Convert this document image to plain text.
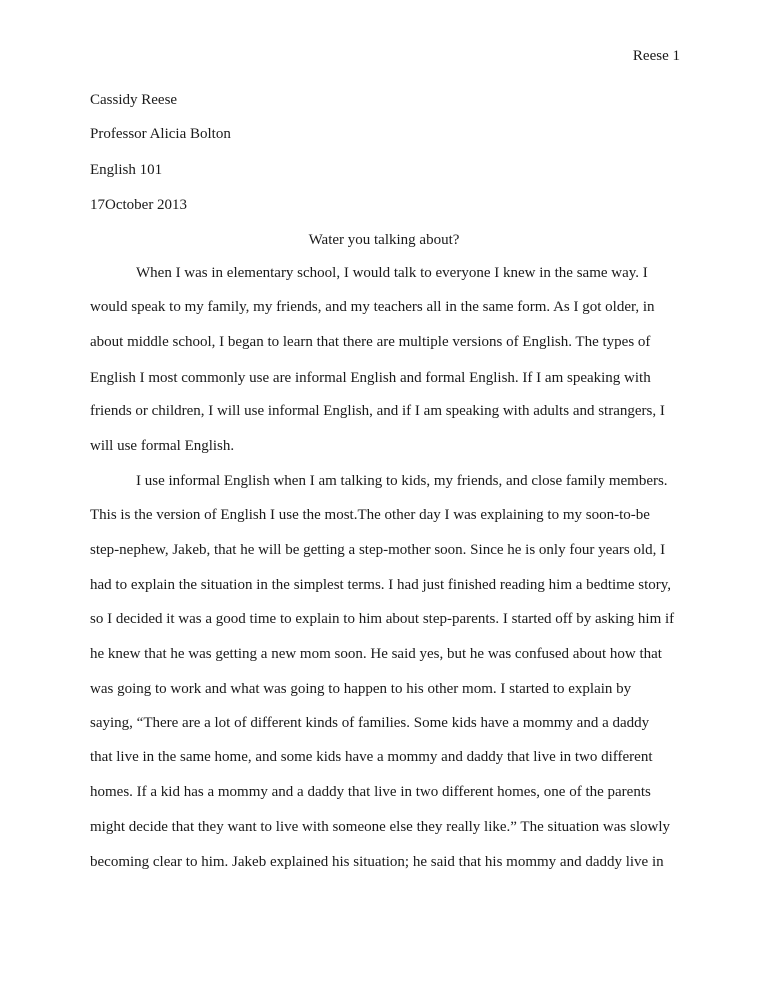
Reese 1
Cassidy Reese
Professor Alicia Bolton
English 101
17October 2013
Water you talking about?
When I was in elementary school, I would talk to everyone I knew in the same way. I
would speak to my family, my friends, and my teachers all in the same form. As I got older, in
about middle school, I began to learn that there are multiple versions of English. The types of
English I most commonly use are informal English and formal English. If I am speaking with
friends or children, I will use informal English, and if I am speaking with adults and strangers, I
will use formal English.
I use informal English when I am talking to kids, my friends, and close family members.
This is the version of English I use the most.The other day I was explaining to my soon-to-be
step-nephew, Jakeb, that he will be getting a step-mother soon. Since he is only four years old, I
had to explain the situation in the simplest terms. I had just finished reading him a bedtime story,
so I decided it was a good time to explain to him about step-parents. I started off by asking him if
he knew that he was getting a new mom soon. He said yes, but he was confused about how that
was going to work and what was going to happen to his other mom. I started to explain by
saying, “There are a lot of different kinds of families. Some kids have a mommy and a daddy
that live in the same home, and some kids have a mommy and daddy that live in two different
homes. If a kid has a mommy and a daddy that live in two different homes, one of the parents
might decide that they want to live with someone else they really like.” The situation was slowly
becoming clear to him. Jakeb explained his situation; he said that his mommy and daddy live in
